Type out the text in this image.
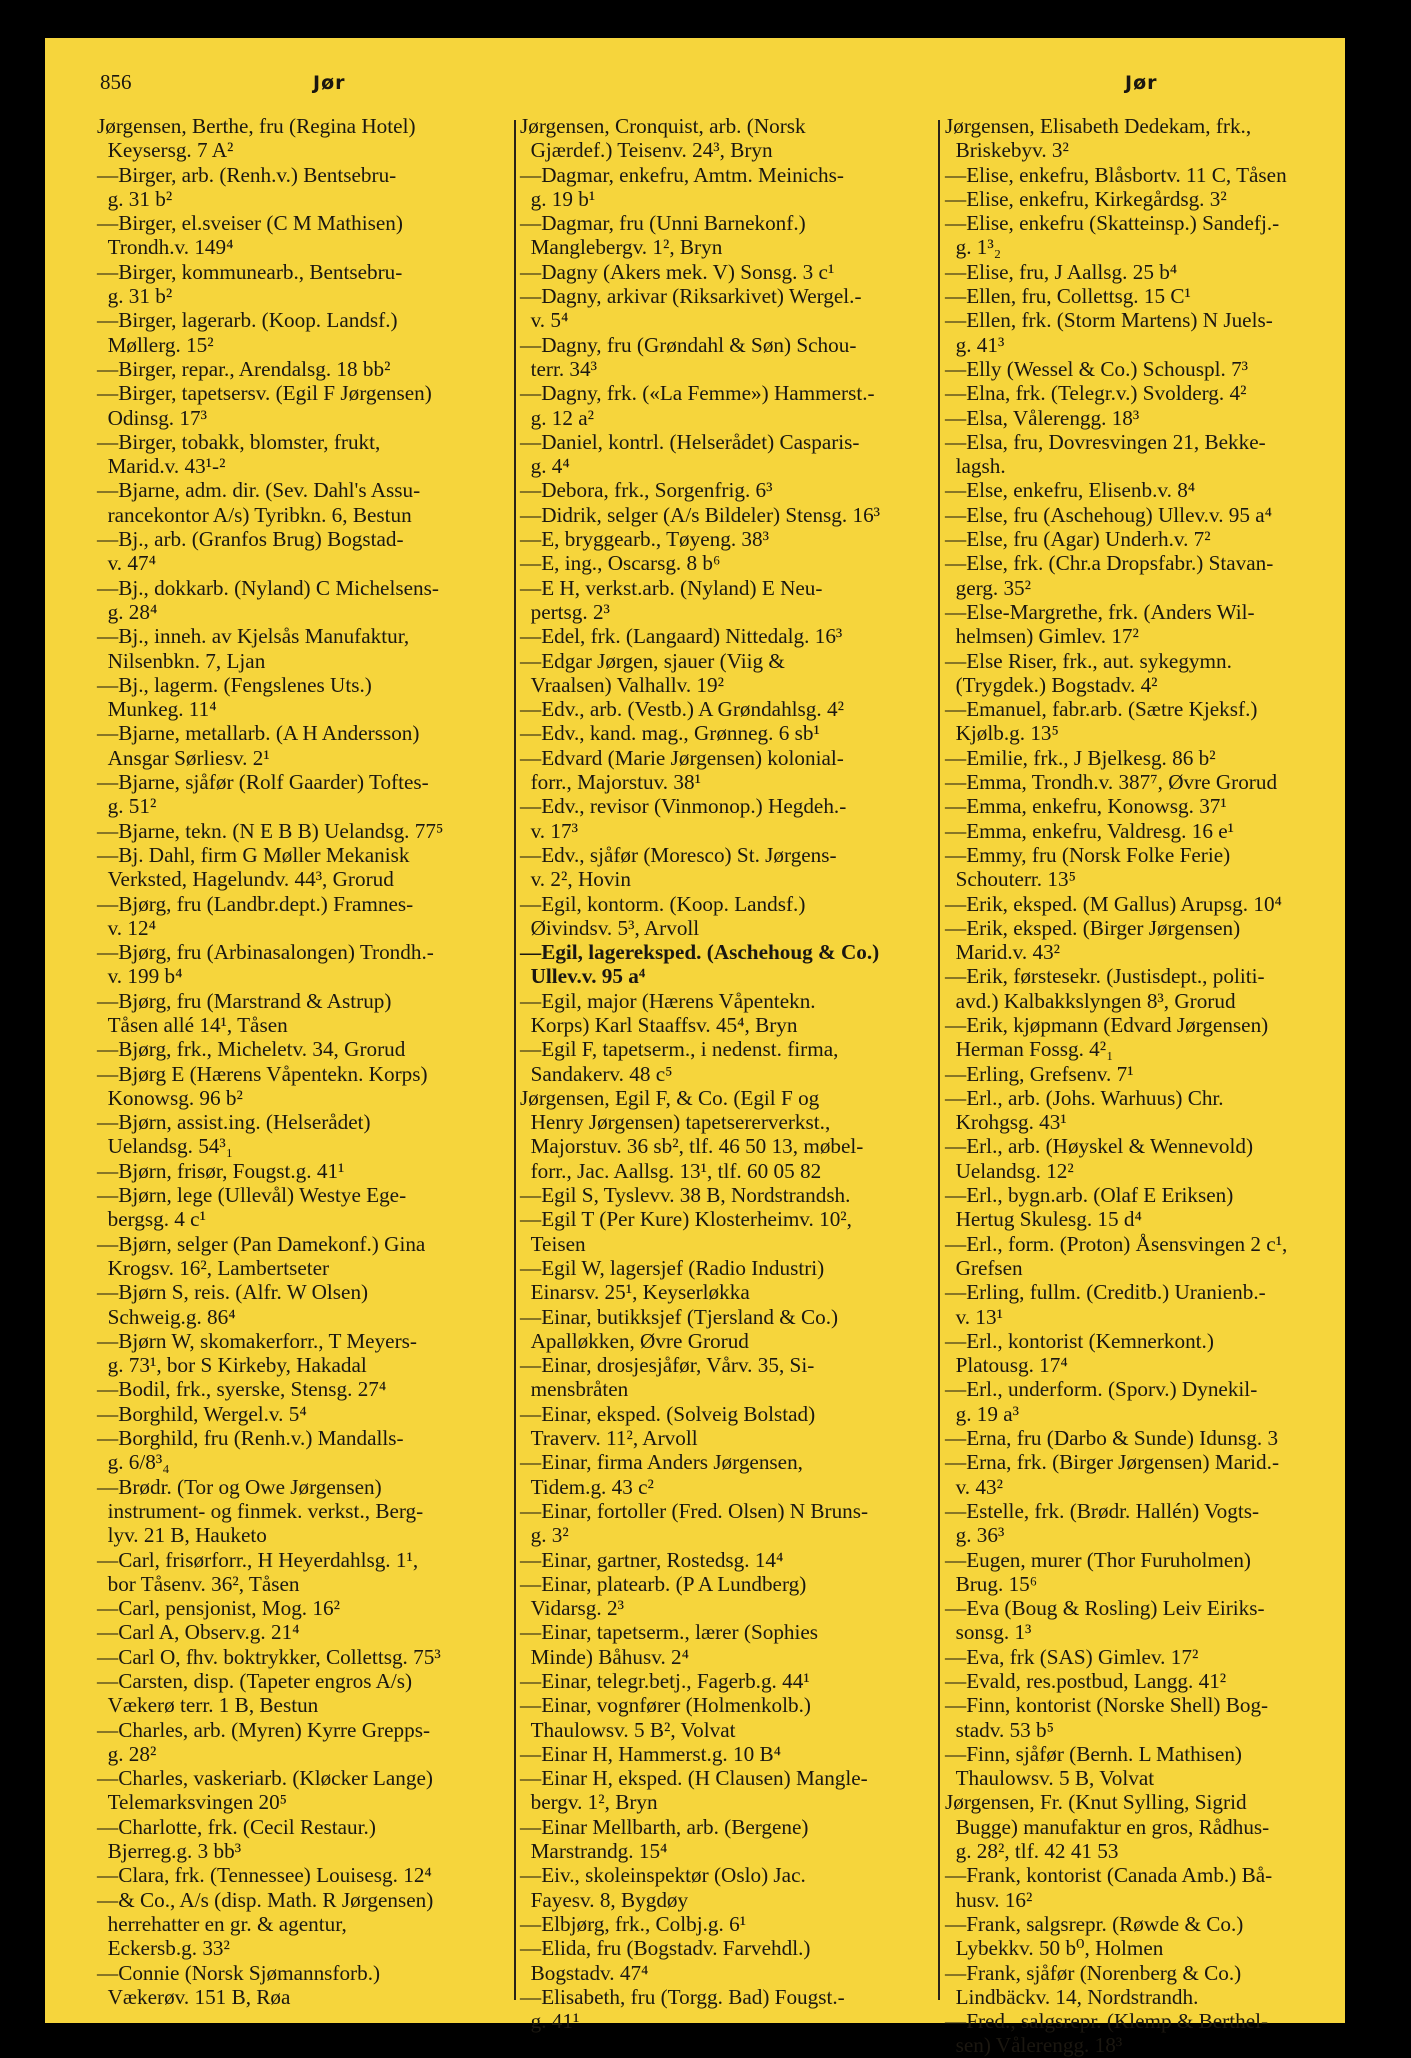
856	Jør	Jør
Jørgensen, Berthe, fru (Regina Hotel)
Keysersg. 7 A²
—Birger, arb. (Renh.v.) Bentsebru-
g. 31 b²
—Birger, el.sveiser (C M Mathisen)
Trondh.v. 149⁴
—Birger, kommunearb., Bentsebru-
g. 31 b²
—Birger, lagerarb. (Koop. Landsf.)
Møllerg. 15²
—Birger, repar., Arendalsg. 18 bb²
—Birger, tapetsersv. (Egil F Jørgensen)
Odinsg. 17³
—Birger, tobakk, blomster, frukt,
Marid.v. 43¹-²
—Bjarne, adm. dir. (Sev. Dahl's Assu-
rancekontor A/s) Tyribkn. 6, Bestun
—Bj., arb. (Granfos Brug) Bogstad-
v. 47⁴
—Bj., dokkarb. (Nyland) C Michelsens-
g. 28⁴
—Bj., inneh. av Kjelsås Manufaktur,
Nilsenbkn. 7, Ljan
—Bj., lagerm. (Fengslenes Uts.)
Munkeg. 11⁴
—Bjarne, metallarb. (A H Andersson)
Ansgar Sørliesv. 2¹
—Bjarne, sjåfør (Rolf Gaarder) Toftes-
g. 51²
—Bjarne, tekn. (N E B B) Uelandsg. 77⁵
—Bj. Dahl, firm G Møller Mekanisk
Verksted, Hagelundv. 44³, Grorud
—Bjørg, fru (Landbr.dept.) Framnes-
v. 12⁴
—Bjørg, fru (Arbinasalongen) Trondh.-
v. 199 b⁴
—Bjørg, fru (Marstrand & Astrup)
Tåsen allé 14¹, Tåsen
—Bjørg, frk., Micheletv. 34, Grorud
—Bjørg E (Hærens Våpentekn. Korps)
Konowsg. 96 b²
—Bjørn, assist.ing. (Helserådet)
Uelandsg. 54³₁
—Bjørn, frisør, Fougst.g. 41¹
—Bjørn, lege (Ullevål) Westye Ege-
bergsg. 4 c¹
—Bjørn, selger (Pan Damekonf.) Gina
Krogsv. 16², Lambertseter
—Bjørn S, reis. (Alfr. W Olsen)
Schweig.g. 86⁴
—Bjørn W, skomakerforr., T Meyers-
g. 73¹, bor S Kirkeby, Hakadal
—Bodil, frk., syerske, Stensg. 27⁴
—Borghild, Wergel.v. 5⁴
—Borghild, fru (Renh.v.) Mandalls-
g. 6/8³₄
—Brødr. (Tor og Owe Jørgensen)
instrument- og finmek. verkst., Berg-
lyv. 21 B, Hauketo
—Carl, frisørforr., H Heyerdahlsg. 1¹,
bor Tåsenv. 36², Tåsen
—Carl, pensjonist, Mog. 16²
—Carl A, Observ.g. 21⁴
—Carl O, fhv. boktrykker, Collettsg. 75³
—Carsten, disp. (Tapeter engros A/s)
Vækerø terr. 1 B, Bestun
—Charles, arb. (Myren) Kyrre Grepps-
g. 28²
—Charles, vaskeriarb. (Kløcker Lange)
Telemarksvingen 20⁵
—Charlotte, frk. (Cecil Restaur.)
Bjerreg.g. 3 bb³
—Clara, frk. (Tennessee) Louisesg. 12⁴
—& Co., A/s (disp. Math. R Jørgensen)
herrehatter en gr. & agentur,
Eckersb.g. 33²
—Connie (Norsk Sjømannsforb.)
Vækerøv. 151 B, Røa
Jørgensen, Cronquist, arb. (Norsk
Gjærdef.) Teisenv. 24³, Bryn
—Dagmar, enkefru, Amtm. Meinichs-
g. 19 b¹
—Dagmar, fru (Unni Barnekonf.)
Manglebergv. 1², Bryn
—Dagny (Akers mek. V) Sonsg. 3 c¹
—Dagny, arkivar (Riksarkivet) Wergel.-
v. 5⁴
—Dagny, fru (Grøndahl & Søn) Schou-
terr. 34³
—Dagny, frk. («La Femme») Hammerst.-
g. 12 a²
—Daniel, kontrl. (Helserådet) Casparis-
g. 4⁴
—Debora, frk., Sorgenfrig. 6³
—Didrik, selger (A/s Bildeler) Stensg. 16³
—E, bryggearb., Tøyeng. 38³
—E, ing., Oscarsg. 8 b⁶
—E H, verkst.arb. (Nyland) E Neu-
pertsg. 2³
—Edel, frk. (Langaard) Nittedalg. 16³
—Edgar Jørgen, sjauer (Viig &
Vraalsen) Valhallv. 19²
—Edv., arb. (Vestb.) A Grøndahlsg. 4²
—Edv., kand. mag., Grønneg. 6 sb¹
—Edvard (Marie Jørgensen) kolonial-
forr., Majorstuv. 38¹
—Edv., revisor (Vinmonop.) Hegdeh.-
v. 17³
—Edv., sjåfør (Moresco) St. Jørgens-
v. 2², Hovin
—Egil, kontorm. (Koop. Landsf.)
Øivindsv. 5³, Arvoll
—Egil, lagereksped. (Aschehoug & Co.)
Ullev.v. 95 a⁴
—Egil, major (Hærens Våpentekn.
Korps) Karl Staaffsv. 45⁴, Bryn
—Egil F, tapetserm., i nedenst. firma,
Sandakerv. 48 c⁵
Jørgensen, Egil F, & Co. (Egil F og
Henry Jørgensen) tapetsererverkst.,
Majorstuv. 36 sb², tlf. 46 50 13, møbel-
forr., Jac. Aallsg. 13¹, tlf. 60 05 82
—Egil S, Tyslevv. 38 B, Nordstrandsh.
—Egil T (Per Kure) Klosterheimv. 10²,
Teisen
—Egil W, lagersjef (Radio Industri)
Einarsv. 25¹, Keyserløkka
—Einar, butikksjef (Tjersland & Co.)
Apalløkken, Øvre Grorud
—Einar, drosjesjåfør, Vårv. 35, Si-
mensbråten
—Einar, eksped. (Solveig Bolstad)
Traverv. 11², Arvoll
—Einar, firma Anders Jørgensen,
Tidem.g. 43 c²
—Einar, fortoller (Fred. Olsen) N Bruns-
g. 3²
—Einar, gartner, Rostedsg. 14⁴
—Einar, platearb. (P A Lundberg)
Vidarsg. 2³
—Einar, tapetserm., lærer (Sophies
Minde) Båhusv. 2⁴
—Einar, telegr.betj., Fagerb.g. 44¹
—Einar, vognfører (Holmenkolb.)
Thaulowsv. 5 B², Volvat
—Einar H, Hammerst.g. 10 B⁴
—Einar H, eksped. (H Clausen) Mangle-
bergv. 1², Bryn
—Einar Mellbarth, arb. (Bergene)
Marstrandg. 15⁴
—Eiv., skoleinspektør (Oslo) Jac.
Fayesv. 8, Bygdøy
—Elbjørg, frk., Colbj.g. 6¹
—Elida, fru (Bogstadv. Farvehdl.)
Bogstadv. 47⁴
—Elisabeth, fru (Torgg. Bad) Fougst.-
g. 41¹
Jørgensen, Elisabeth Dedekam, frk.,
Briskebyv. 3²
—Elise, enkefru, Blåsbortv. 11 C, Tåsen
—Elise, enkefru, Kirkegårdsg. 3²
—Elise, enkefru (Skatteinsp.) Sandefj.-
g. 1³₂
—Elise, fru, J Aallsg. 25 b⁴
—Ellen, fru, Collettsg. 15 C¹
—Ellen, frk. (Storm Martens) N Juels-
g. 41³
—Elly (Wessel & Co.) Schouspl. 7³
—Elna, frk. (Telegr.v.) Svolderg. 4²
—Elsa, Vålerengg. 18³
—Elsa, fru, Dovresvingen 21, Bekke-
lagsh.
—Else, enkefru, Elisenb.v. 8⁴
—Else, fru (Aschehoug) Ullev.v. 95 a⁴
—Else, fru (Agar) Underh.v. 7²
—Else, frk. (Chr.a Dropsfabr.) Stavan-
gerg. 35²
—Else-Margrethe, frk. (Anders Wil-
helmsen) Gimlev. 17²
—Else Riser, frk., aut. sykegymn.
(Trygdek.) Bogstadv. 4²
—Emanuel, fabr.arb. (Sætre Kjeksf.)
Kjølb.g. 13⁵
—Emilie, frk., J Bjelkesg. 86 b²
—Emma, Trondh.v. 387⁷, Øvre Grorud
—Emma, enkefru, Konowsg. 37¹
—Emma, enkefru, Valdresg. 16 e¹
—Emmy, fru (Norsk Folke Ferie)
Schouterr. 13⁵
—Erik, eksped. (M Gallus) Arupsg. 10⁴
—Erik, eksped. (Birger Jørgensen)
Marid.v. 43²
—Erik, førstesekr. (Justisdept., politi-
avd.) Kalbakkslyngen 8³, Grorud
—Erik, kjøpmann (Edvard Jørgensen)
Herman Fossg. 4²₁
—Erling, Grefsenv. 7¹
—Erl., arb. (Johs. Warhuus) Chr.
Krohgsg. 43¹
—Erl., arb. (Høyskel & Wennevold)
Uelandsg. 12²
—Erl., bygn.arb. (Olaf E Eriksen)
Hertug Skulesg. 15 d⁴
—Erl., form. (Proton) Åsensvingen 2 c¹,
Grefsen
—Erling, fullm. (Creditb.) Uranienb.-
v. 13¹
—Erl., kontorist (Kemnerkont.)
Platousg. 17⁴
—Erl., underform. (Sporv.) Dynekil-
g. 19 a³
—Erna, fru (Darbo & Sunde) Idunsg. 3
—Erna, frk. (Birger Jørgensen) Marid.-
v. 43²
—Estelle, frk. (Brødr. Hallén) Vogts-
g. 36³
—Eugen, murer (Thor Furuholmen)
Brug. 15⁶
—Eva (Boug & Rosling) Leiv Eiriks-
sonsg. 1³
—Eva, frk (SAS) Gimlev. 17²
—Evald, res.postbud, Langg. 41²
—Finn, kontorist (Norske Shell) Bog-
stadv. 53 b⁵
—Finn, sjåfør (Bernh. L Mathisen)
Thaulowsv. 5 B, Volvat
Jørgensen, Fr. (Knut Sylling, Sigrid
Bugge) manufaktur en gros, Rådhus-
g. 28², tlf. 42 41 53
—Frank, kontorist (Canada Amb.) Bå-
husv. 16²
—Frank, salgsrepr. (Røwde & Co.)
Lybekkv. 50 b⁰, Holmen
—Frank, sjåfør (Norenberg & Co.)
Lindbäckv. 14, Nordstrandh.
—Fred., salgsrepr. (Klemp & Berthel-
sen) Vålerengg. 18³
